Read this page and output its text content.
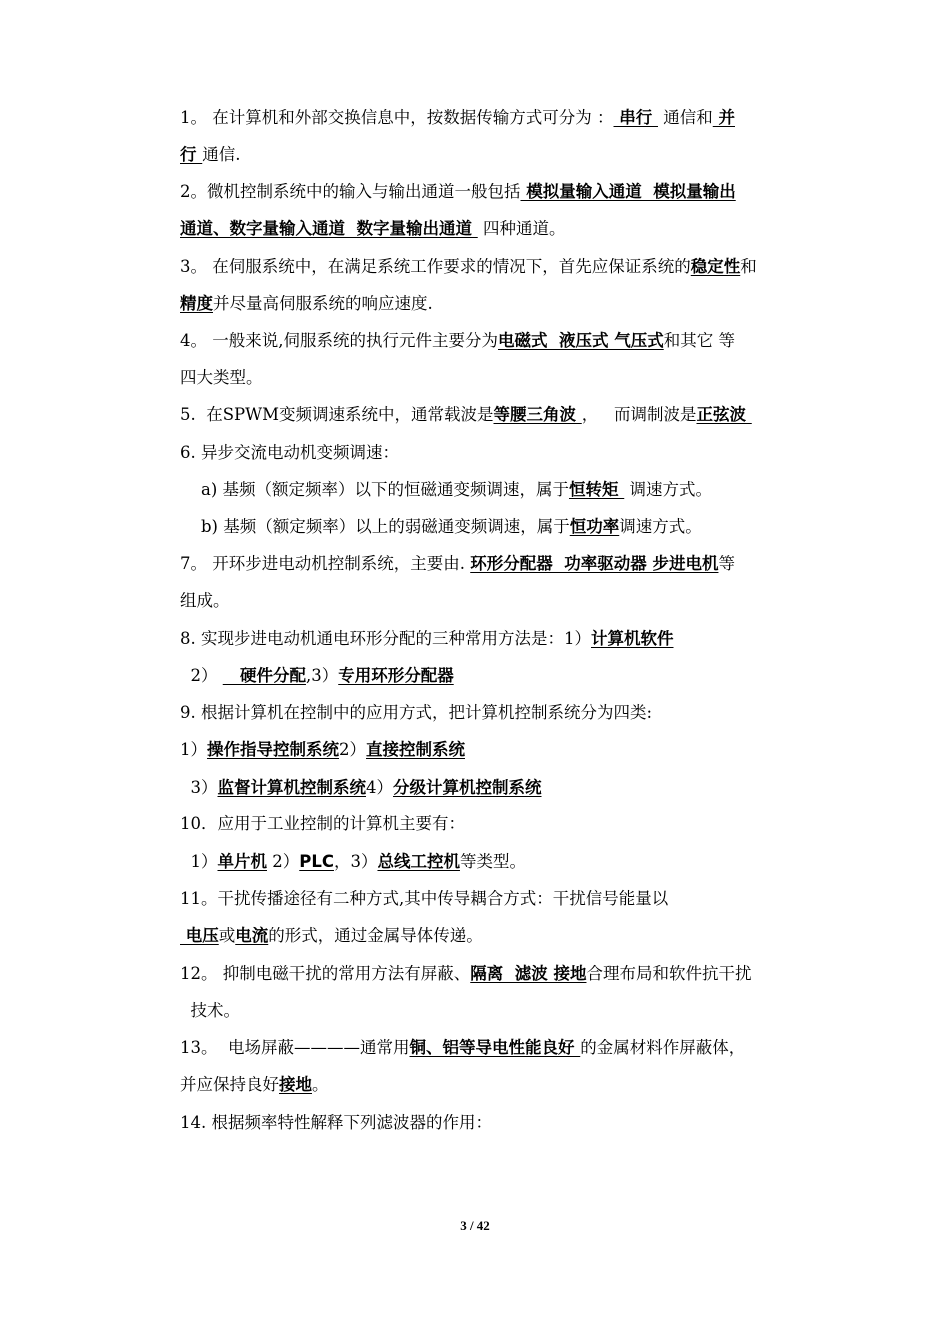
1。 在计算机和外部交换信息中，按数据传输方式可分为 ： 串行  通信和 并
行 通信.
2。微机控制系统中的输入与输出通道一般包括 模拟量输入通道  模拟量输出
通道、数字量输入通道  数字量输出通道  四种通道。
3。 在伺服系统中，在满足系统工作要求的情况下，首先应保证系统的稳定性和
精度并尽量高伺服系统的响应速度.
4。 一般来说,伺服系统的执行元件主要分为电磁式  液压式 气压式和其它 等
四大类型。
5.  在SPWM变频调速系统中，通常载波是等腰三角波 ，   而调制波是正弦波
6. 异步交流电动机变频调速：
a) 基频（额定频率）以下的恒磁通变频调速，属于恒转矩  调速方式。
b) 基频（额定频率）以上的弱磁通变频调速，属于恒功率调速方式。
7。 开环步进电动机控制系统，主要由. 环形分配器  功率驱动器 步进电机等
组成。
8. 实现步进电动机通电环形分配的三种常用方法是：1）计算机软件
2）    硬件分配,3）专用环形分配器
9. 根据计算机在控制中的应用方式，把计算机控制系统分为四类:
1）操作指导控制系统2）直接控制系统
3）监督计算机控制系统4）分级计算机控制系统
10．应用于工业控制的计算机主要有：
1）单片机 2）PLC，3）总线工控机等类型。
11。干扰传播途径有二种方式,其中传导耦合方式：干扰信号能量以
电压或电流的形式，通过金属导体传递。
12。 抑制电磁干扰的常用方法有屏蔽、隔离  滤波 接地合理布局和软件抗干扰
技术。
13。  电场屏蔽————通常用铜、铝等导电性能良好 的金属材料作屏蔽体，
并应保持良好接地。
14. 根据频率特性解释下列滤波器的作用：
3 / 42
